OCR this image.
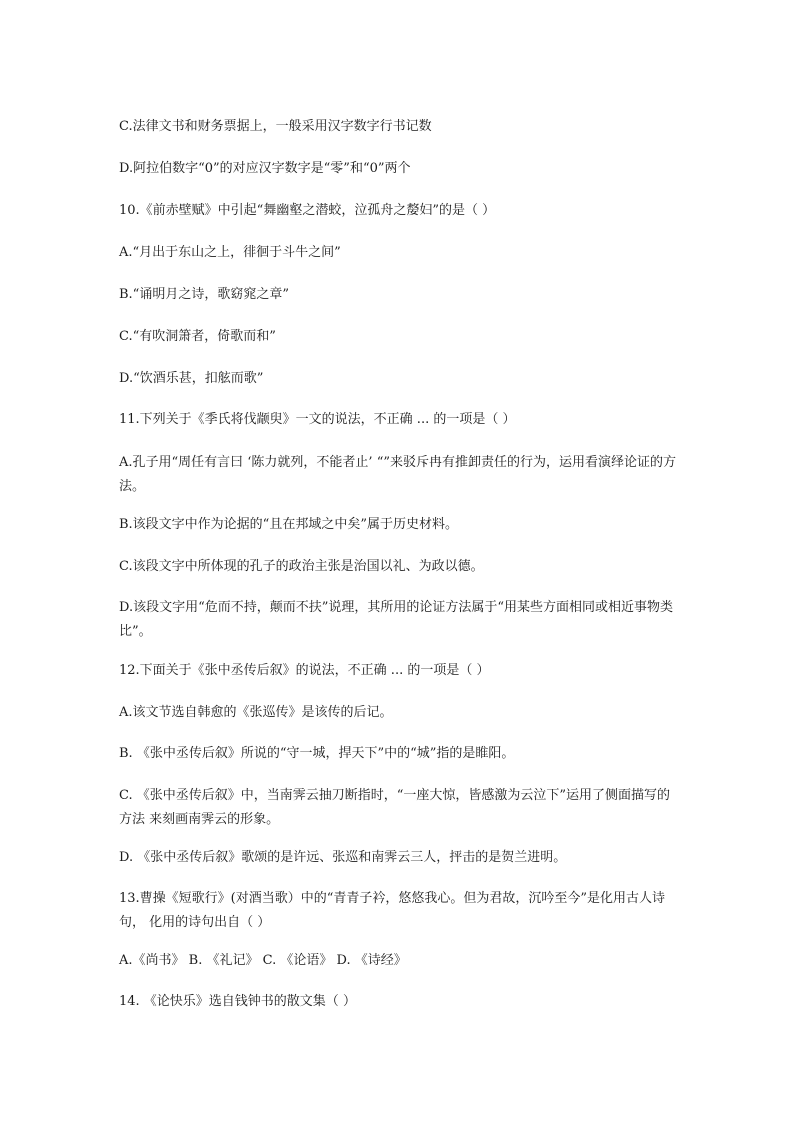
C.法律文书和财务票据上，一般采用汉字数字行书记数
D.阿拉伯数字“0”的对应汉字数字是“零”和“0”两个
10.《前赤壁赋》中引起“舞幽壑之潜蛟，泣孤舟之嫠妇”的是（ ）
A.“月出于东山之上，徘徊于斗牛之间”
B.“诵明月之诗，歌窈窕之章”
C.“有吹洞箫者，倚歌而和”
D.“饮酒乐甚，扣舷而歌”
11.下列关于《季氏将伐颛臾》一文的说法，不正确 ... 的一项是（ ）
A.孔子用“周任有言曰 ‘陈力就列，不能者止’ “”来驳斥冉有推卸责任的行为，运用看演绎论证的方 法。
B.该段文字中作为论据的“且在邦域之中矣”属于历史材料。
C.该段文字中所体现的孔子的政治主张是治国以礼、为政以德。
D.该段文字用“危而不持，颠而不扶”说理，其所用的论证方法属于“用某些方面相同或相近事物类 比”。
12.下面关于《张中丞传后叙》的说法，不正确 ... 的一项是（ ）
A.该文节选自韩愈的《张巡传》是该传的后记。
B. 《张中丞传后叙》所说的“守一城，捍天下”中的“城”指的是睢阳。
C. 《张中丞传后叙》中，当南霁云抽刀断指时，“一座大惊，皆感激为云泣下”运用了侧面描写的方法 来刻画南霁云的形象。
D. 《张中丞传后叙》歌颂的是许远、张巡和南霁云三人，抨击的是贺兰进明。
13.曹操《短歌行》(对酒当歌）中的“青青子衿，悠悠我心。但为君故，沉吟至今”是化用古人诗句， 化用的诗句出自（ ）
A.《尚书》 B. 《礼记》 C. 《论语》 D. 《诗经》
14. 《论快乐》选自钱钟书的散文集（ ）
